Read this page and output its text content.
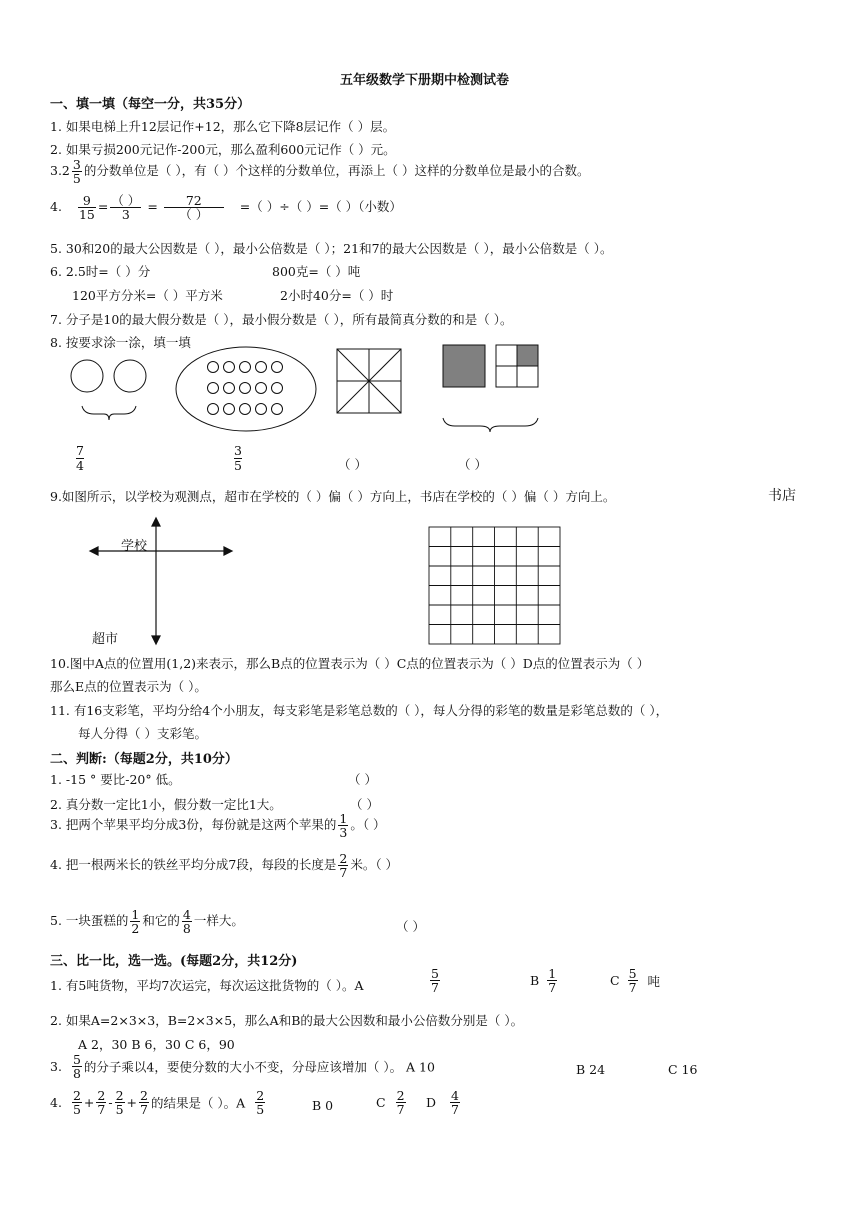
五年级数学下册期中检测试卷
一、填一填（每空一分，共35分）
1. 如果电梯上升12层记作+12，那么它下降8层记作（ ）层。
2. 如果亏损200元记作-200元，那么盈利600元记作（ ）元。
$3.2 \frac{3}{5}$ 的分数单位是（ ），有（ ）个这样的分数单位，再添上（ ）这样的分数单位是最小的合数。
4. $\frac{9}{15} = \frac{( )}{3} = \frac{72}{( )}$ =（ ）÷（ ）=（ ）（小数）
5. 30和20的最大公因数是（ ），最小公倍数是（ ）；21和7的最大公因数是（ ），最小公倍数是（ ）。
6. 2.5时=（ ）分	800克=（ ）吨
120平方分米=（ ）平方米	2小时40分=（ ）时
7. 分子是10的最大假分数是（ ），最小假分数是（ ），所有最简真分数的和是（ ）。
8. 按要求涂一涂，填一填
$\frac{7}{4}$	$\frac{3}{5}$	（ ）	（ ）
9.如图所示，以学校为观测点，超市在学校的（ ）偏（ ）方向上，书店在学校的（ ）偏（ ）方向上。	书店
学校
超市
10.图中A点的位置用(1,2)来表示，那么B点的位置表示为（ ）C点的位置表示为（ ）D点的位置表示为（ ）
那么E点的位置表示为（ ）。
11. 有16支彩笔，平均分给4个小朋友，每支彩笔是彩笔总数的（ ），每人分得的彩笔的数量是彩笔总数的（ ），
每人分得（ ）支彩笔。
二、判断:（每题2分，共10分）
1. -15 ° 要比-20° 低。	（ ）
2. 真分数一定比1小，假分数一定比1大。	（ ）
3. 把两个苹果平均分成3份，每份就是这两个苹果的 $\frac{1}{3}$ 。（ ）
4. 把一根两米长的铁丝平均分成7段，每段的长度是 $\frac{2}{7}$ 米。（ ）
5. 一块蛋糕的 $\frac{1}{2}$ 和它的 $\frac{4}{8}$ 一样大。	（ ）
三、比一比，选一选。(每题2分，共12分)
1. 有5吨货物，平均7次运完，每次运这批货物的（ ）。A	$\frac{5}{7}$	B $\frac{1}{7}$	C $\frac{5}{7}$ 吨
2. 如果A=2×3×3，B=2×3×5，那么A和B的最大公因数和最小公倍数分别是（ ）。
A 2，30 B 6，30 C 6，90
3. $\frac{5}{8}$ 的分子乘以4，要使分数的大小不变，分母应该增加（ ）。 A 10	B 24	C 16
4. $\frac{2}{5} + \frac{2}{7} - \frac{2}{5} + \frac{2}{7}$ 的结果是（ ）。A $\frac{2}{5}$	B 0	C $\frac{2}{7}$ D $\frac{4}{7}$
